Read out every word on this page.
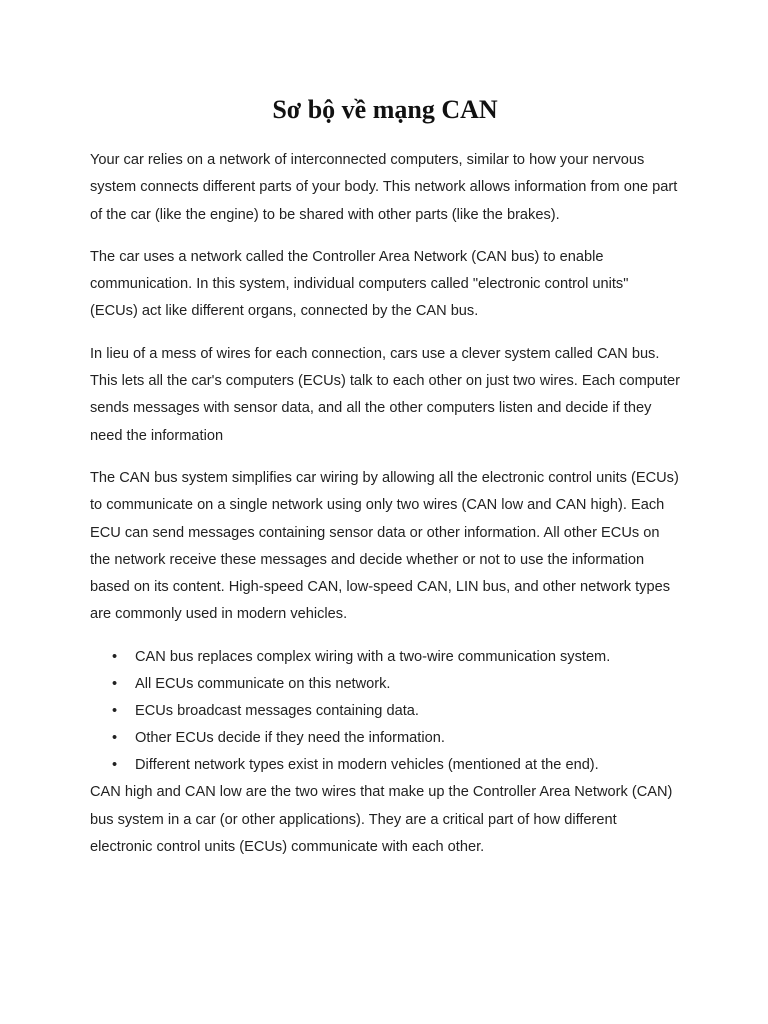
Sơ bộ về mạng CAN

Your car relies on a network of interconnected computers, similar to how your nervous system connects different parts of your body. This network allows information from one part of the car (like the engine) to be shared with other parts (like the brakes).

The car uses a network called the Controller Area Network (CAN bus) to enable communication. In this system, individual computers called "electronic control units" (ECUs) act like different organs, connected by the CAN bus.

In lieu of a mess of wires for each connection, cars use a clever system called CAN bus. This lets all the car's computers (ECUs) talk to each other on just two wires. Each computer sends messages with sensor data, and all the other computers listen and decide if they need the information

The CAN bus system simplifies car wiring by allowing all the electronic control units (ECUs) to communicate on a single network using only two wires (CAN low and CAN high). Each ECU can send messages containing sensor data or other information. All other ECUs on the network receive these messages and decide whether or not to use the information based on its content. High-speed CAN, low-speed CAN, LIN bus, and other network types are commonly used in modern vehicles.

• CAN bus replaces complex wiring with a two-wire communication system.
• All ECUs communicate on this network.
• ECUs broadcast messages containing data.
• Other ECUs decide if they need the information.
• Different network types exist in modern vehicles (mentioned at the end).

CAN high and CAN low are the two wires that make up the Controller Area Network (CAN) bus system in a car (or other applications). They are a critical part of how different electronic control units (ECUs) communicate with each other.
